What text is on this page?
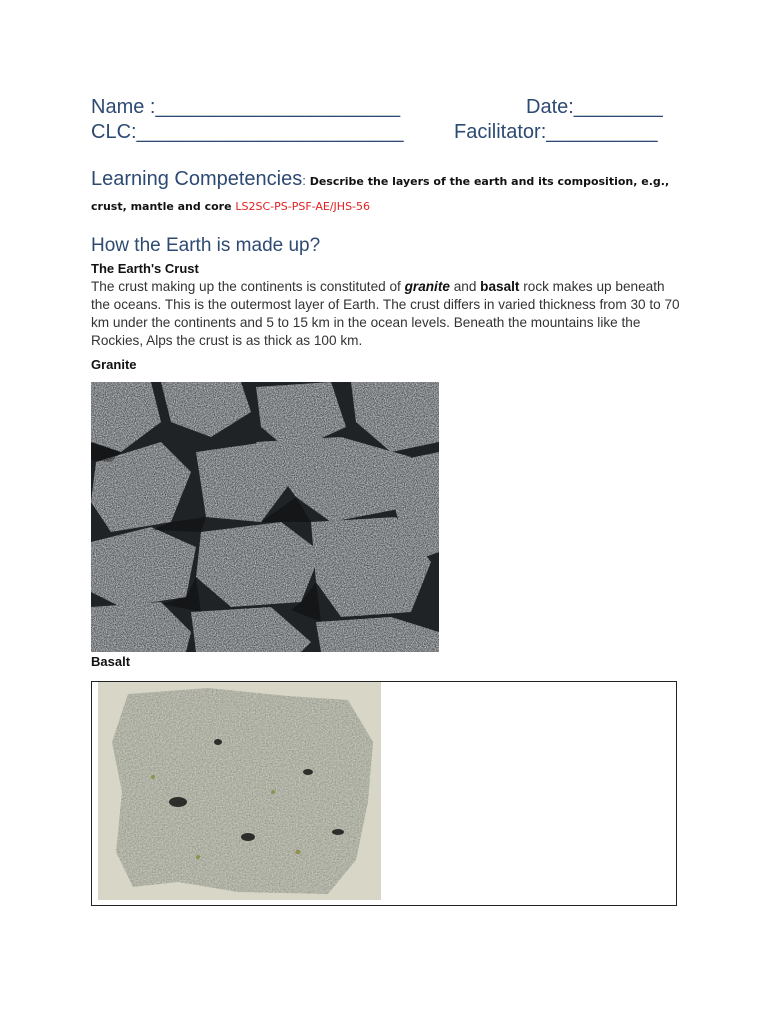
Name :______________________	Date:________
CLC:________________________	Facilitator:__________
Learning Competencies: Describe the layers of the earth and its composition, e.g., crust, mantle and core LS2SC-PS-PSF-AE/JHS-56
How the Earth is made up?
The Earth's Crust
The crust making up the continents is constituted of granite and basalt rock makes up beneath the oceans. This is the outermost layer of Earth. The crust differs in varied thickness from 30 to 70 km under the continents and 5 to 15 km in the ocean levels. Beneath the mountains like the Rockies, Alps the crust is as thick as 100 km.
Granite
Basalt
